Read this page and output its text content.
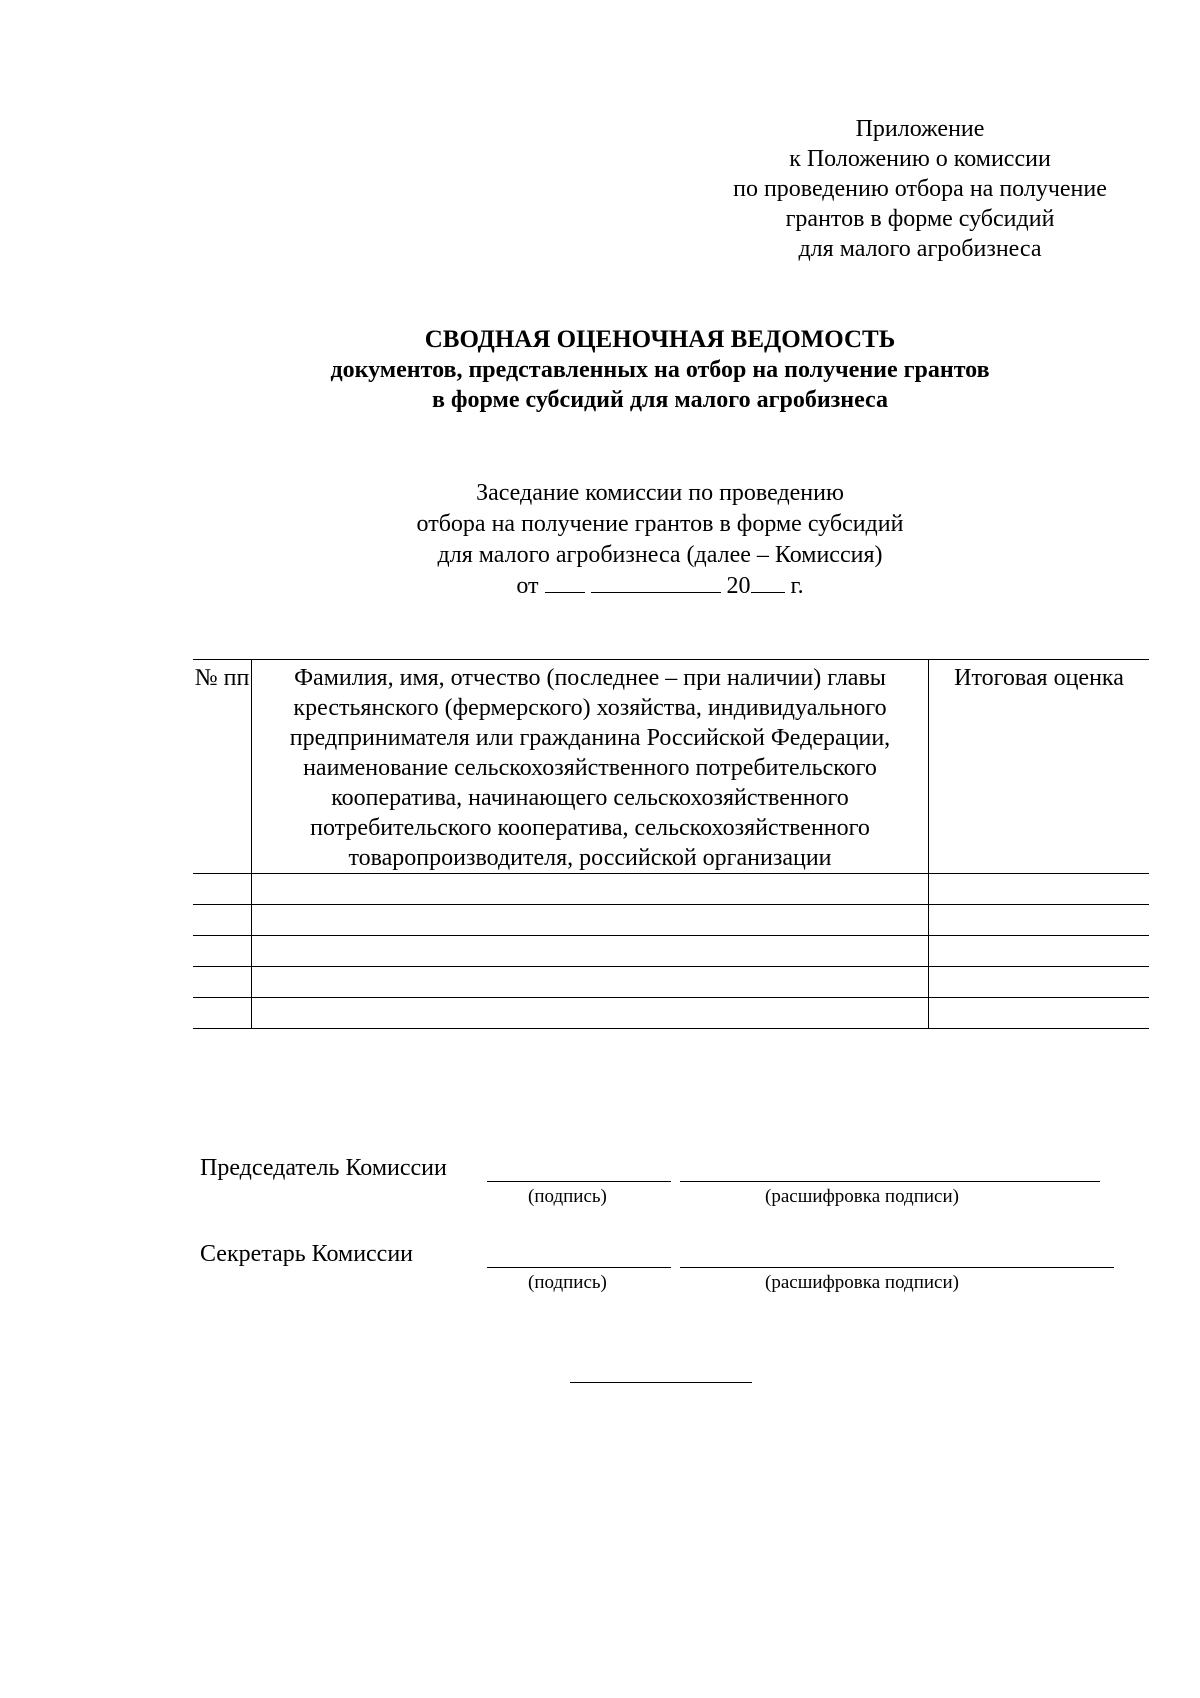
Приложение
к Положению о комиссии
по проведению отбора на получение
грантов в форме субсидий
для малого агробизнеса
СВОДНАЯ ОЦЕНОЧНАЯ ВЕДОМОСТЬ
документов, представленных на отбор на получение грантов
в форме субсидий для малого агробизнеса
Заседание комиссии по проведению
отбора на получение грантов в форме субсидий
для малого агробизнеса (далее – Комиссия)
от	20 г.
№ пп	Фамилия, имя, отчество (последнее – при наличии) главы крестьянского (фермерского) хозяйства, индивидуального предпринимателя или гражданина Российской Федерации, наименование сельскохозяйственного потребительского кооператива, начинающего сельскохозяйственного потребительского кооператива, сельскохозяйственного товаропроизводителя, российской организации	Итоговая оценка

Председатель Комиссии
(подпись)	(расшифровка подписи)
Секретарь Комиссии
(подпись)	(расшифровка подписи)
